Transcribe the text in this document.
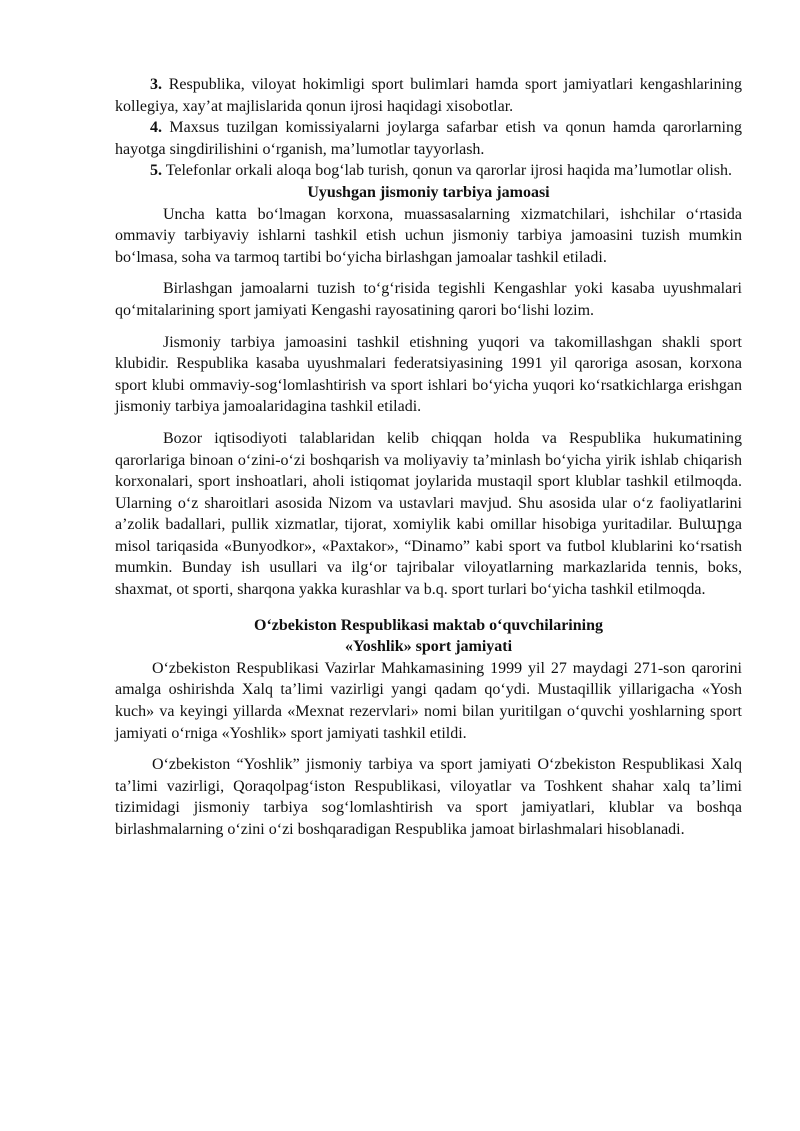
3. Respublika, viloyat hokimligi sport bulimlari hamda sport jamiyatlari kengashlarining kollegiya, xay’at majlislarida qonun ijrosi haqidagi xisobotlar.

4. Maxsus tuzilgan komissiyalarni joylarga safarbar etish va qonun hamda qarorlarning hayotga singdirilishini o‘rganish, ma’lumotlar tayyorlash.

5. Telefonlar orkali aloqa bog‘lab turish, qonun va qarorlar ijrosi haqida ma’lumotlar olish.

Uyushgan jismoniy tarbiya jamoasi

Uncha katta bo‘lmagan korxona, muassasalarning xizmatchilari, ishchilar o‘rtasida ommaviy tarbiyaviy ishlarni tashkil etish uchun jismoniy tarbiya jamoasini tuzish mumkin bo‘lmasa, soha va tarmoq tartibi bo‘yicha birlashgan jamoalar tashkil etiladi.

Birlashgan jamoalarni tuzish to‘g‘risida tegishli Kengashlar yoki kasaba uyushmalari qo‘mitalarining sport jamiyati Kengashi rayosatining qarori bo‘lishi lozim.

Jismoniy tarbiya jamoasini tashkil etishning yuqori va takomillashgan shakli sport klubidir. Respublika kasaba uyushmalari federatsiyasining 1991 yil qaroriga asosan, korxona sport klubi ommaviy-sog‘lomlashtirish va sport ishlari bo‘yicha yuqori ko‘rsatkichlarga erishgan jismoniy tarbiya jamoalaridagina tashkil etiladi.

Bozor iqtisodiyoti talablaridan kelib chiqqan holda va Respublika hukumatining qarorlariga binoan o‘zini-o‘zi boshqarish va moliyaviy ta’minlash bo‘yicha yirik ishlab chiqarish korxonalari, sport inshoatlari, aholi istiqomat joylarida mustaqil sport klublar tashkil etilmoqda. Ularning o‘z sharoitlari asosida Nizom va ustavlari mavjud. Shu asosida ular o‘z faoliyatlarini a’zolik badallari, pullik xizmatlar, tijorat, xomiylik kabi omillar hisobiga yuritadilar. Bulարga misol tariqasida «Bunyodkor», «Paxtakor», “Dinamo” kabi sport va futbol klublarini ko‘rsatish mumkin. Bunday ish usullari va ilg‘or tajribalar viloyatlarning markazlarida tennis, boks, shaxmat, ot sporti, sharqona yakka kurashlar va b.q. sport turlari bo‘yicha tashkil etilmoqda.

O‘zbekiston Respublikasi maktab o‘quvchilarining

«Yoshlik» sport jamiyati

O‘zbekiston Respublikasi Vazirlar Mahkamasining 1999 yil 27 maydagi 271-son qarorini amalga oshirishda Xalq ta’limi vazirligi yangi qadam qo‘ydi. Mustaqillik yillarigacha «Yosh kuch» va keyingi yillarda «Mexnat rezervlari» nomi bilan yuritilgan o‘quvchi yoshlarning sport jamiyati o‘rniga «Yoshlik» sport jamiyati tashkil etildi.

O‘zbekiston “Yoshlik” jismoniy tarbiya va sport jamiyati O‘zbekiston Respublikasi Xalq ta’limi vazirligi, Qoraqolpag‘iston Respublikasi, viloyatlar va Toshkent shahar xalq ta’limi tizimidagi jismoniy tarbiya sog‘lomlashtirish va sport jamiyatlari, klublar va boshqa birlashmalarning o‘zini o‘zi boshqaradigan Respublika jamoat birlashmalari hisoblanadi.
